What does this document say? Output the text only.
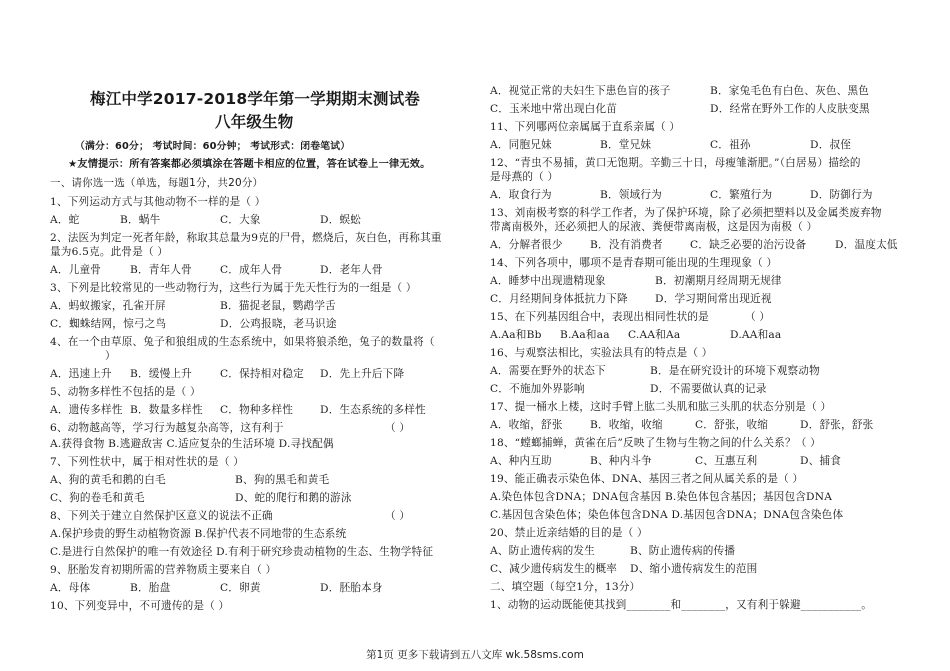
梅江中学2017-2018学年第一学期期末测试卷
八年级生物
（满分：60分； 考试时间：60分钟； 考试形式：闭卷笔试）
★友情提示：所有答案都必须填涂在答题卡相应的位置，答在试卷上一律无效。
一、请你选一选（单选，每题1分，共20分）
1、下列运动方式与其他动物不一样的是（ ）
A．蛇	B．蜗牛	C．大象	D．蜈蚣
2、法医为判定一死者年龄，称取其总量为9克的尸骨，燃烧后，灰白色，再称其重
量为6.5克。此骨是（ ）
A．儿童骨	B．青年人骨	C．成年人骨	D．老年人骨
3、下列是比较常见的一些动物行为，这些行为属于先天性行为的一组是（ ）
A．蚂蚁搬家，孔雀开屏	B．猫捉老鼠，鹦鹉学舌
C．蜘蛛结网，惊弓之鸟	D．公鸡报晓，老马识途
4、在一个由草原、兔子和狼组成的生态系统中，如果将狼杀绝，兔子的数量将（
）
A．迅速上升 B．缓慢上升	C．保持相对稳定 D．先上升后下降
5、动物多样性不包括的是（ ）
A．遗传多样性 B．数量多样性 C．物种多样性	D．生态系统的多样性
6、动物越高等，学习行为越复杂高等，这有利于	（ ）
A.获得食物 B.逃避敌害 C.适应复杂的生活环境 D.寻找配偶
7、下列性状中，属于相对性状的是（ ）
A、狗的黄毛和鹅的白毛	B、狗的黑毛和黄毛
C、狗的卷毛和黄毛	D、蛇的爬行和鹅的游泳
8、下列关于建立自然保护区意义的说法不正确	（ ）
A.保护珍贵的野生动植物资源 B.保护代表不同地带的生态系统
C.是进行自然保护的唯一有效途径 D.有利于研究珍贵动植物的生态、生物学特征
9、胚胎发育初期所需的营养物质主要来自（ ）
A．母体	B．胎盘	C．卵黄	D．胚胎本身
10、下列变异中，不可遗传的是（ ）
A．视觉正常的夫妇生下患色盲的孩子	B．家兔毛色有白色、灰色、黑色
C．玉米地中常出现白化苗	D．经常在野外工作的人皮肤变黑
11、下列哪两位亲属属于直系亲属（ ）
A．同胞兄妹	B．堂兄妹	C．祖孙	D．叔侄
12、“青虫不易捕，黄口无饱期。辛勤三十日，母瘦雏渐肥。”（白居易）描绘的
是母燕的（ ）
A．取食行为	B．领域行为	C．繁殖行为	D．防御行为
13、刘南极考察的科学工作者，为了保护环境，除了必须把塑料以及金属类废弃物
带离南极外，还必须把人的尿液、粪便带离南极，这是因为南极（ ）
A．分解者很少	B．没有消费者	C．缺乏必要的治污设备	D．温度太低
14、下列各项中，哪项不是青春期可能出现的生理现象（ ）
A．睡梦中出现遗精现象	B．初潮期月经周期无规律
C．月经期间身体抵抗力下降	D．学习期间常出现近视
15、在下列基因组合中，表现出相同性状的是	（ ）
A.Aa和Bb B.Aa和aa C.AA和Aa	D.AA和aa
16、与观察法相比，实验法具有的特点是（ ）
A．需要在野外的状态下	B．是在研究设计的环境下观察动物
C．不施加外界影响	D．不需要做认真的记录
17、提一桶水上楼，这时手臂上肱二头肌和肱三头肌的状态分别是（ ）
A．收缩，舒张	B．收缩，收缩	C．舒张，收缩	D．舒张，舒张
18、“螳螂捕蝉，黄雀在后”反映了生物与生物之间的什么关系？（ ）
A、种内互助	B、种内斗争	C、互惠互利	D、捕食
19、能正确表示染色体、DNA、基因三者之间从属关系的是（ ）
A.染色体包含DNA；DNA包含基因 B.染色体包含基因；基因包含DNA
C.基因包含染色体；染色体包含DNA D.基因包含DNA；DNA包含染色体
20、禁止近亲结婚的目的是（ ）
A、防止遗传病的发生	B、防止遗传病的传播
C、减少遗传病发生的概率 D、缩小遗传病发生的范围
二、填空题（每空1分，13分）
1、动物的运动既能使其找到________和________，又有利于躲避___________。
第1页 更多下载请到五八文库 wk.58sms.com
